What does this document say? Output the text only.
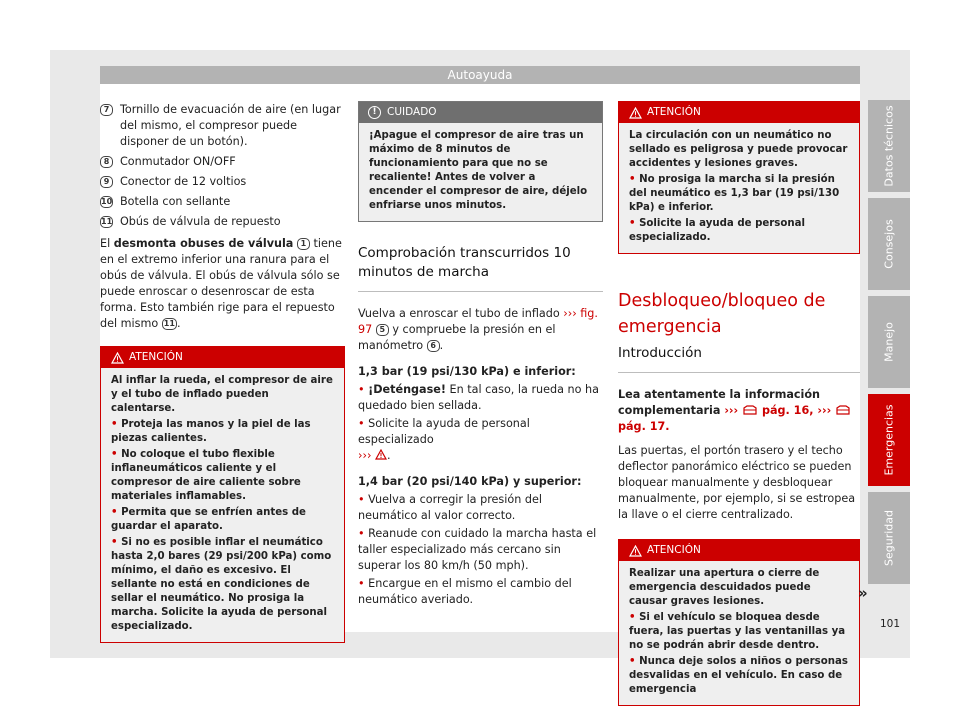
Autoayuda
7 Tornillo de evacuación de aire (en lugar del mismo, el compresor puede disponer de un botón).
8 Conmutador ON/OFF
9 Conector de 12 voltios
10 Botella con sellante
11 Obús de válvula de repuesto

El desmonta obuses de válvula 1 tiene en el extremo inferior una ranura para el obús de válvula. El obús de válvula sólo se puede enroscar o desenroscar de esta forma. Esto también rige para el repuesto del mismo 11 .

ATENCIÓN
Al inflar la rueda, el compresor de aire y el tubo de inflado pueden calentarse.
• Proteja las manos y la piel de las piezas calientes.
• No coloque el tubo flexible inflaneumáticos caliente y el compresor de aire caliente sobre materiales inflamables.
• Permita que se enfríen antes de guardar el aparato.
• Si no es posible inflar el neumático hasta 2,0 bares (29 psi/200 kPa) como mínimo, el daño es excesivo. El sellante no está en condiciones de sellar el neumático. No prosiga la marcha. Solicite la ayuda de personal especializado.
! CUIDADO
¡Apague el compresor de aire tras un máximo de 8 minutos de funcionamiento para que no se recaliente! Antes de volver a encender el compresor de aire, déjelo enfriarse unos minutos.
Comprobación transcurridos 10 minutos de marcha

Vuelva a enroscar el tubo de inflado ››› fig. 97 5 y compruebe la presión en el manómetro 6 .

1,3 bar (19 psi/130 kPa) e inferior:

• ¡Deténgase! En tal caso, la rueda no ha quedado bien sellada.

• Solicite la ayuda de personal especializado
››› .

1,4 bar (20 psi/140 kPa) y superior:

• Vuelva a corregir la presión del neumático al valor correcto.

• Reanude con cuidado la marcha hasta el taller especializado más cercano sin superar los 80 km/h (50 mph).

• Encargue en el mismo el cambio del neumático averiado.

ATENCIÓN
La circulación con un neumático no sellado es peligrosa y puede provocar accidentes y lesiones graves.
• No prosiga la marcha si la presión del neumático es 1,3 bar (19 psi/130 kPa) e inferior.
• Solicite la ayuda de personal especializado.
Desbloqueo/bloqueo de emergencia
Introducción

Lea atentamente la información complementaria ››› pág. 16, ›››  pág. 17.

Las puertas, el portón trasero y el techo deflector panorámico eléctrico se pueden bloquear manualmente y desbloquear manualmente, por ejemplo, si se estropea la llave o el cierre centralizado.

ATENCIÓN
Realizar una apertura o cierre de emergencia descuidados puede causar graves lesiones.
• Si el vehículo se bloquea desde fuera, las puertas y las ventanillas ya no se podrán abrir desde dentro.
• Nunca deje solos a niños o personas desvalidas en el vehículo. En caso de emergencia
»
Datos técnicos
Consejos
Manejo
Emergencias
Seguridad
101
